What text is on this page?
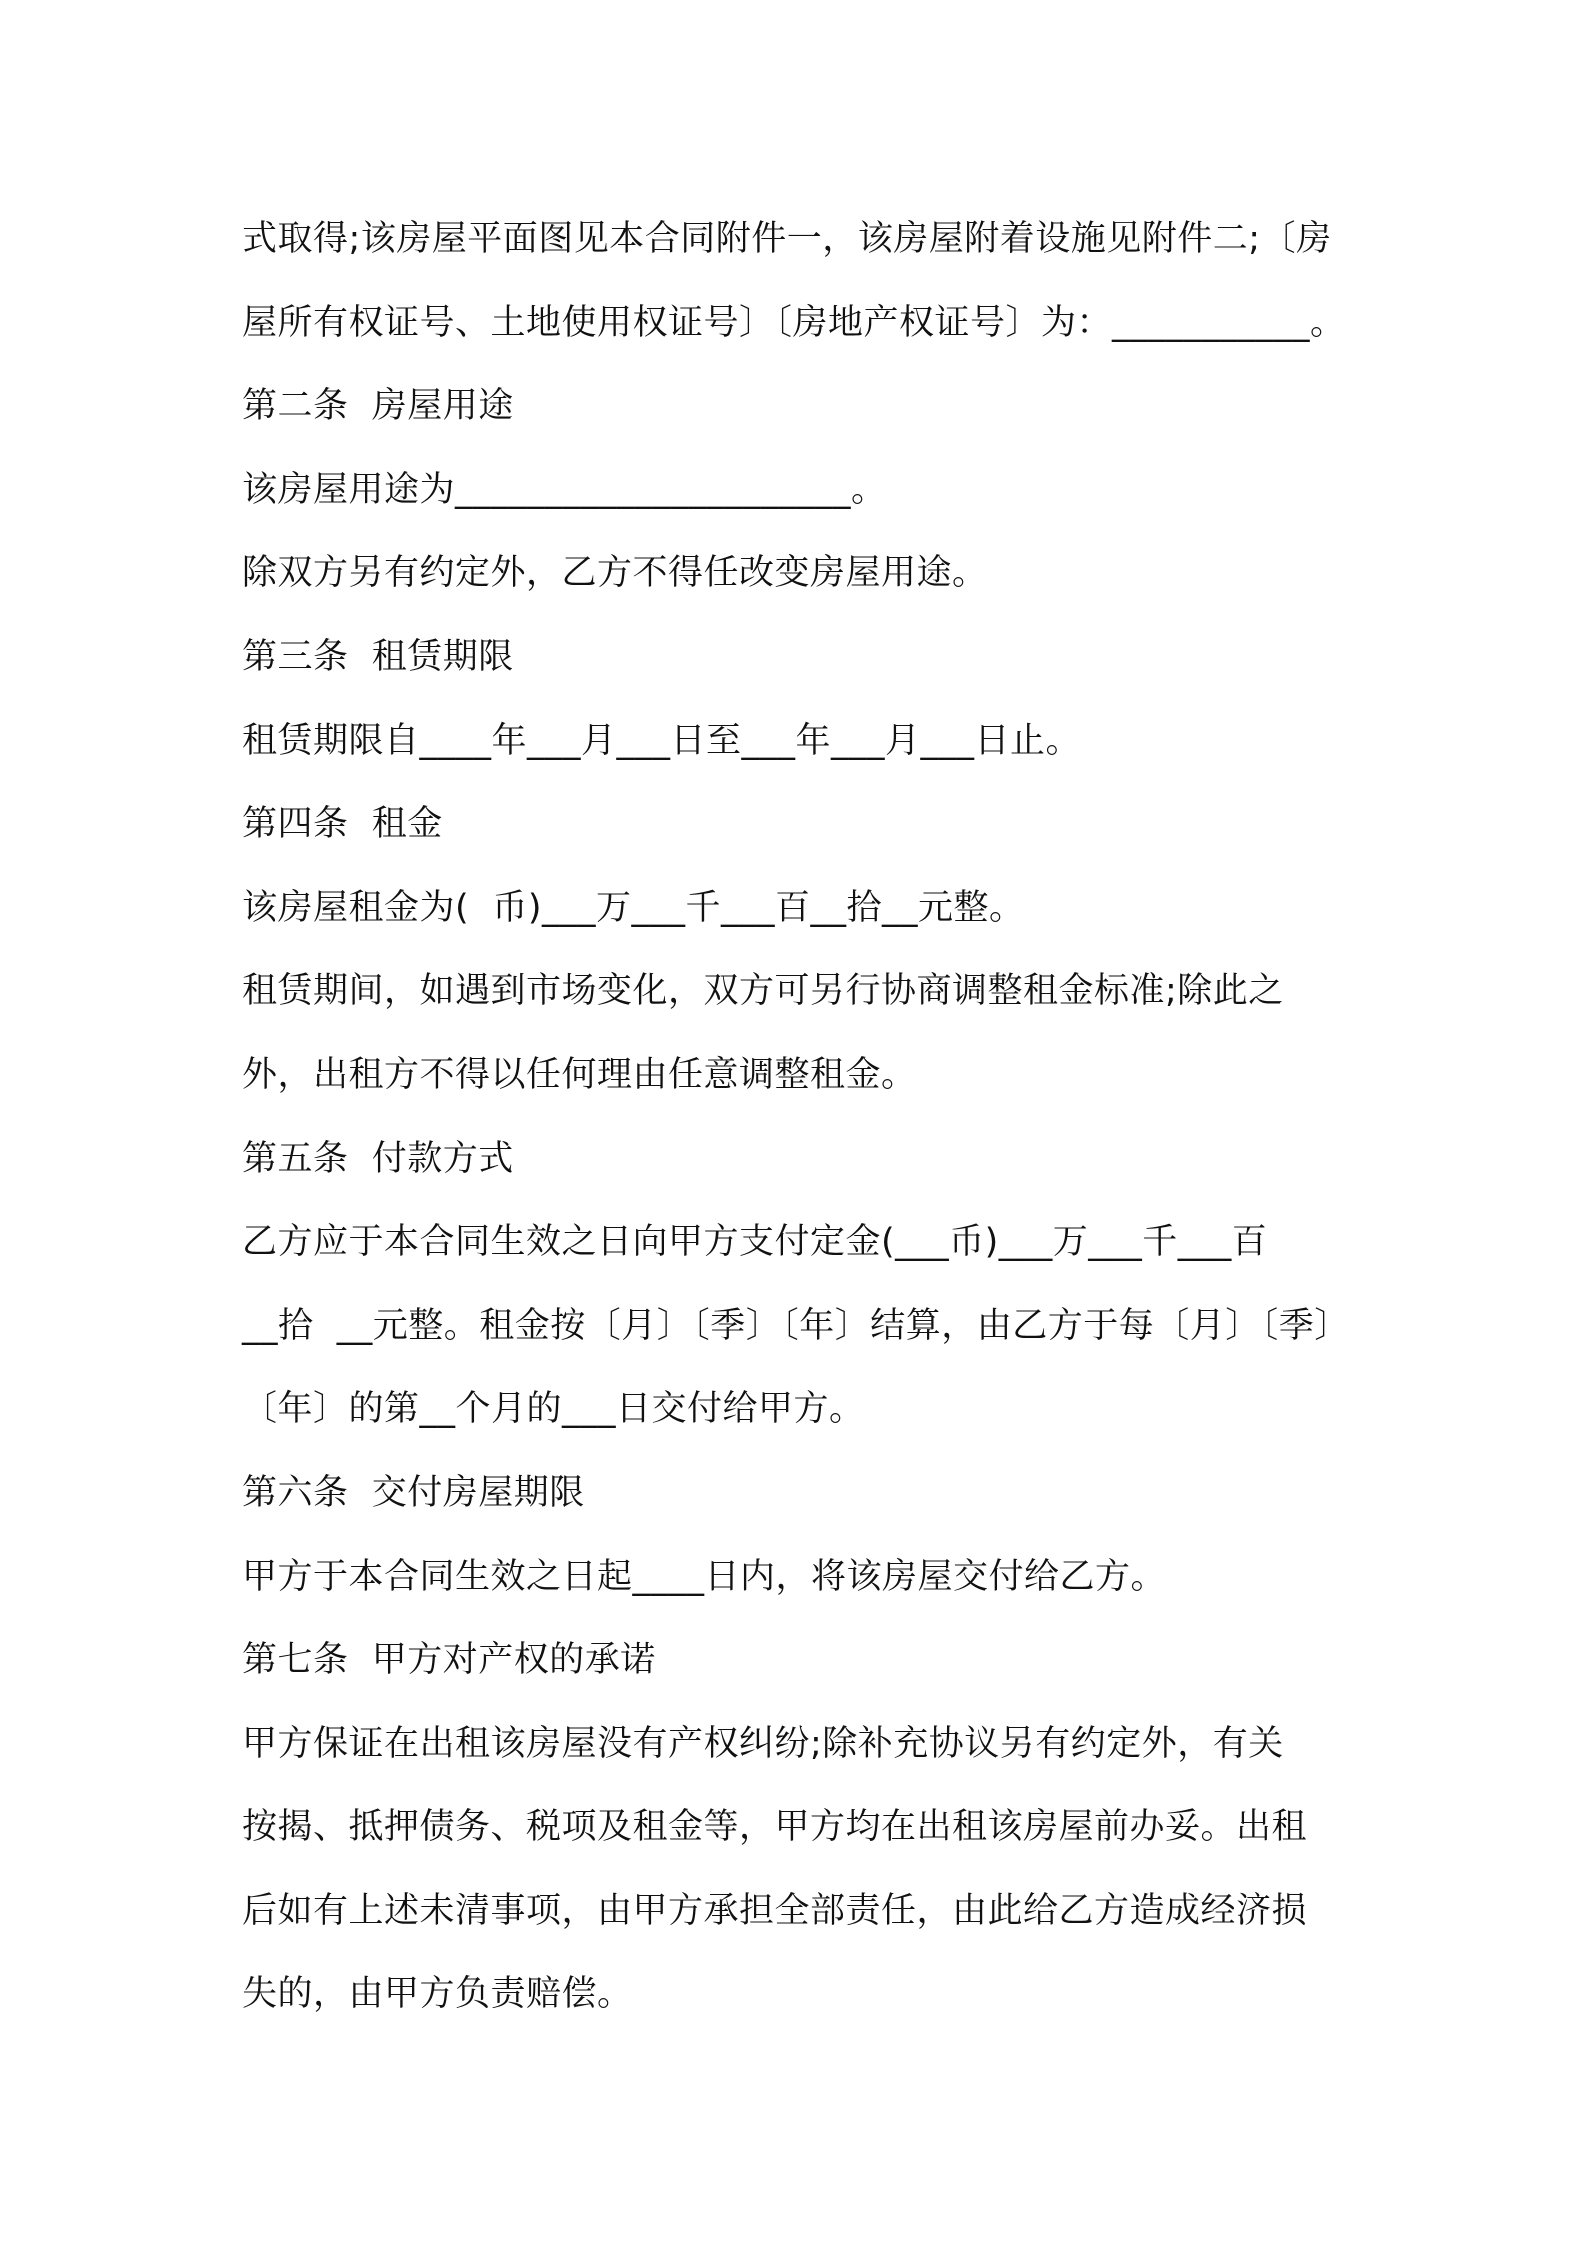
式取得;该房屋平面图见本合同附件一，该房屋附着设施见附件二;〔房
屋所有权证号、土地使用权证号〕〔房地产权证号〕为：___________。
第二条  房屋用途
该房屋用途为______________________。
除双方另有约定外，乙方不得任改变房屋用途。
第三条  租赁期限
租赁期限自____年___月___日至___年___月___日止。
第四条  租金
该房屋租金为(  币)___万___千___百__拾__元整。
租赁期间，如遇到市场变化，双方可另行协商调整租金标准;除此之
外，出租方不得以任何理由任意调整租金。
第五条  付款方式
乙方应于本合同生效之日向甲方支付定金(___币)___万___千___百
__拾  __元整。租金按〔月〕〔季〕〔年〕结算，由乙方于每〔月〕〔季〕
〔年〕的第__个月的___日交付给甲方。
第六条  交付房屋期限
甲方于本合同生效之日起____日内，将该房屋交付给乙方。
第七条  甲方对产权的承诺
甲方保证在出租该房屋没有产权纠纷;除补充协议另有约定外，有关
按揭、抵押债务、税项及租金等，甲方均在出租该房屋前办妥。出租
后如有上述未清事项，由甲方承担全部责任，由此给乙方造成经济损
失的，由甲方负责赔偿。
